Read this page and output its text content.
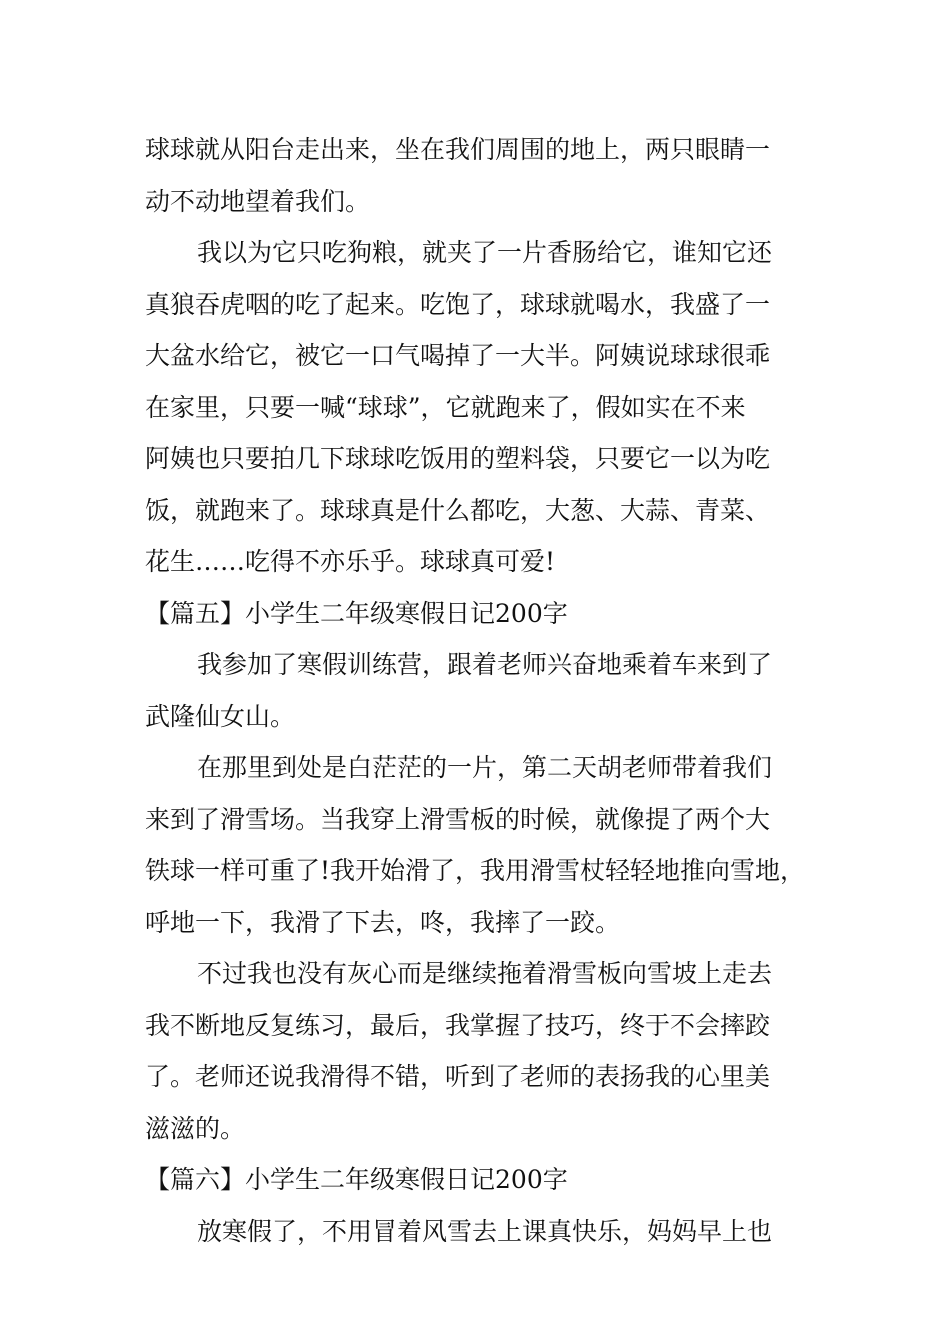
球球就从阳台走出来，坐在我们周围的地上，两只眼睛一
动不动地望着我们。
我以为它只吃狗粮，就夹了一片香肠给它，谁知它还
真狼吞虎咽的吃了起来。吃饱了，球球就喝水，我盛了一
大盆水给它，被它一口气喝掉了一大半。阿姨说球球很乖
在家里，只要一喊“球球”，它就跑来了，假如实在不来
阿姨也只要拍几下球球吃饭用的塑料袋，只要它一以为吃
饭，就跑来了。球球真是什么都吃，大葱、大蒜、青菜、
花生……吃得不亦乐乎。球球真可爱!
【篇五】小学生二年级寒假日记200字
我参加了寒假训练营，跟着老师兴奋地乘着车来到了
武隆仙女山。
在那里到处是白茫茫的一片，第二天胡老师带着我们
来到了滑雪场。当我穿上滑雪板的时候，就像提了两个大
铁球一样可重了!我开始滑了，我用滑雪杖轻轻地推向雪地，
呼地一下，我滑了下去，咚，我摔了一跤。
不过我也没有灰心而是继续拖着滑雪板向雪坡上走去
我不断地反复练习，最后，我掌握了技巧，终于不会摔跤
了。老师还说我滑得不错，听到了老师的表扬我的心里美
滋滋的。
【篇六】小学生二年级寒假日记200字
放寒假了，不用冒着风雪去上课真快乐，妈妈早上也
